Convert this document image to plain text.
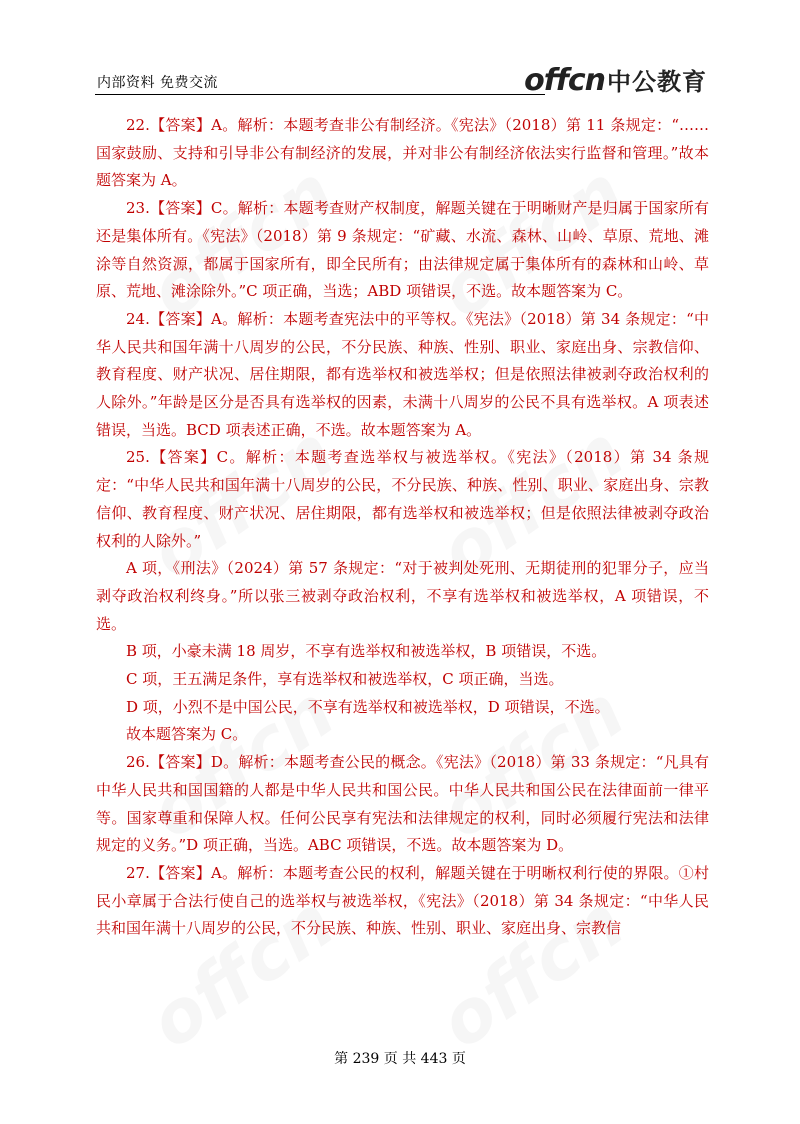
内部资料 免费交流	offcn 中公教育

22.【答案】A。解析：本题考查非公有制经济。《宪法》（2018）第 11 条规定：“……国家鼓励、支持和引导非公有制经济的发展，并对非公有制经济依法实行监督和管理。”故本题答案为 A。

23.【答案】C。解析：本题考查财产权制度，解题关键在于明晰财产是归属于国家所有还是集体所有。《宪法》（2018）第 9 条规定：“矿藏、水流、森林、山岭、草原、荒地、滩涂等自然资源，都属于国家所有，即全民所有；由法律规定属于集体所有的森林和山岭、草原、荒地、滩涂除外。”C 项正确，当选；ABD 项错误，不选。故本题答案为 C。

24.【答案】A。解析：本题考查宪法中的平等权。《宪法》（2018）第 34 条规定：“中华人民共和国年满十八周岁的公民，不分民族、种族、性别、职业、家庭出身、宗教信仰、教育程度、财产状况、居住期限，都有选举权和被选举权；但是依照法律被剥夺政治权利的人除外。”年龄是区分是否具有选举权的因素，未满十八周岁的公民不具有选举权。A 项表述错误，当选。BCD 项表述正确，不选。故本题答案为 A。

25.【答案】C。解析：本题考查选举权与被选举权。《宪法》（2018）第 34 条规定：“中华人民共和国年满十八周岁的公民，不分民族、种族、性别、职业、家庭出身、宗教信仰、教育程度、财产状况、居住期限，都有选举权和被选举权；但是依照法律被剥夺政治权利的人除外。”

A 项，《刑法》（2024）第 57 条规定：“对于被判处死刑、无期徒刑的犯罪分子，应当剥夺政治权利终身。”所以张三被剥夺政治权利，不享有选举权和被选举权，A 项错误，不选。

B 项，小豪未满 18 周岁，不享有选举权和被选举权，B 项错误，不选。

C 项，王五满足条件，享有选举权和被选举权，C 项正确，当选。

D 项，小烈不是中国公民，不享有选举权和被选举权，D 项错误，不选。

故本题答案为 C。

26.【答案】D。解析：本题考查公民的概念。《宪法》（2018）第 33 条规定：“凡具有中华人民共和国国籍的人都是中华人民共和国公民。中华人民共和国公民在法律面前一律平等。国家尊重和保障人权。任何公民享有宪法和法律规定的权利，同时必须履行宪法和法律规定的义务。”D 项正确，当选。ABC 项错误，不选。故本题答案为 D。

27.【答案】A。解析：本题考查公民的权利，解题关键在于明晰权利行使的界限。①村民小章属于合法行使自己的选举权与被选举权，《宪法》（2018）第 34 条规定：“中华人民共和国年满十八周岁的公民，不分民族、种族、性别、职业、家庭出身、宗教信

第 239 页 共 443 页
